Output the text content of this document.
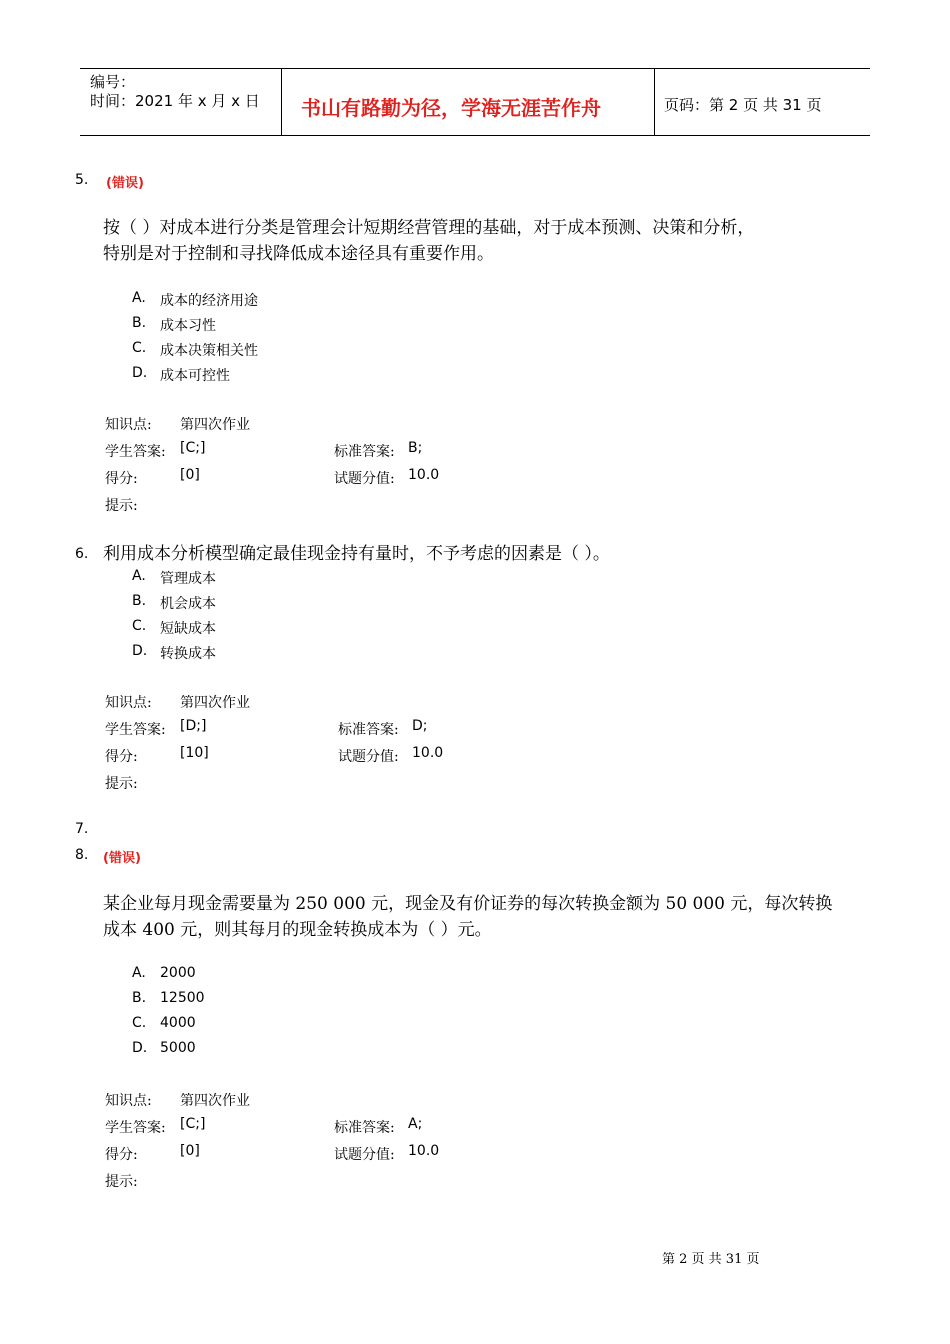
编号：
时间：2021 年 x 月 x 日 书山有路勤为径，学海无涯苦作舟	页码：第 2 页 共 31 页
5. (错误)
按（ ）对成本进行分类是管理会计短期经营管理的基础，对于成本预测、决策和分析，
特别是对于控制和寻找降低成本途径具有重要作用。
A. 成本的经济用途
B. 成本习性
C. 成本决策相关性
D. 成本可控性
知识点: 第四次作业
学生答案: [C;]	标准答案: B;
得分:	[0]	试题分值: 10.0
提示:
6. 利用成本分析模型确定最佳现金持有量时，不予考虑的因素是（ ）。
A. 管理成本
B. 机会成本
C. 短缺成本
D. 转换成本
知识点: 第四次作业
学生答案: [D;]	标准答案: D;
得分:	[10]	试题分值: 10.0
提示:
7.
8. (错误)
某企业每月现金需要量为 250 000 元，现金及有价证券的每次转换金额为 50 000 元，每次转换
成本 400 元，则其每月的现金转换成本为（ ）元。
A. 2000
B. 12500
C. 4000
D. 5000
知识点: 第四次作业
学生答案: [C;]	标准答案: A;
得分:	[0]	试题分值: 10.0
提示:
第 2 页 共 31 页
